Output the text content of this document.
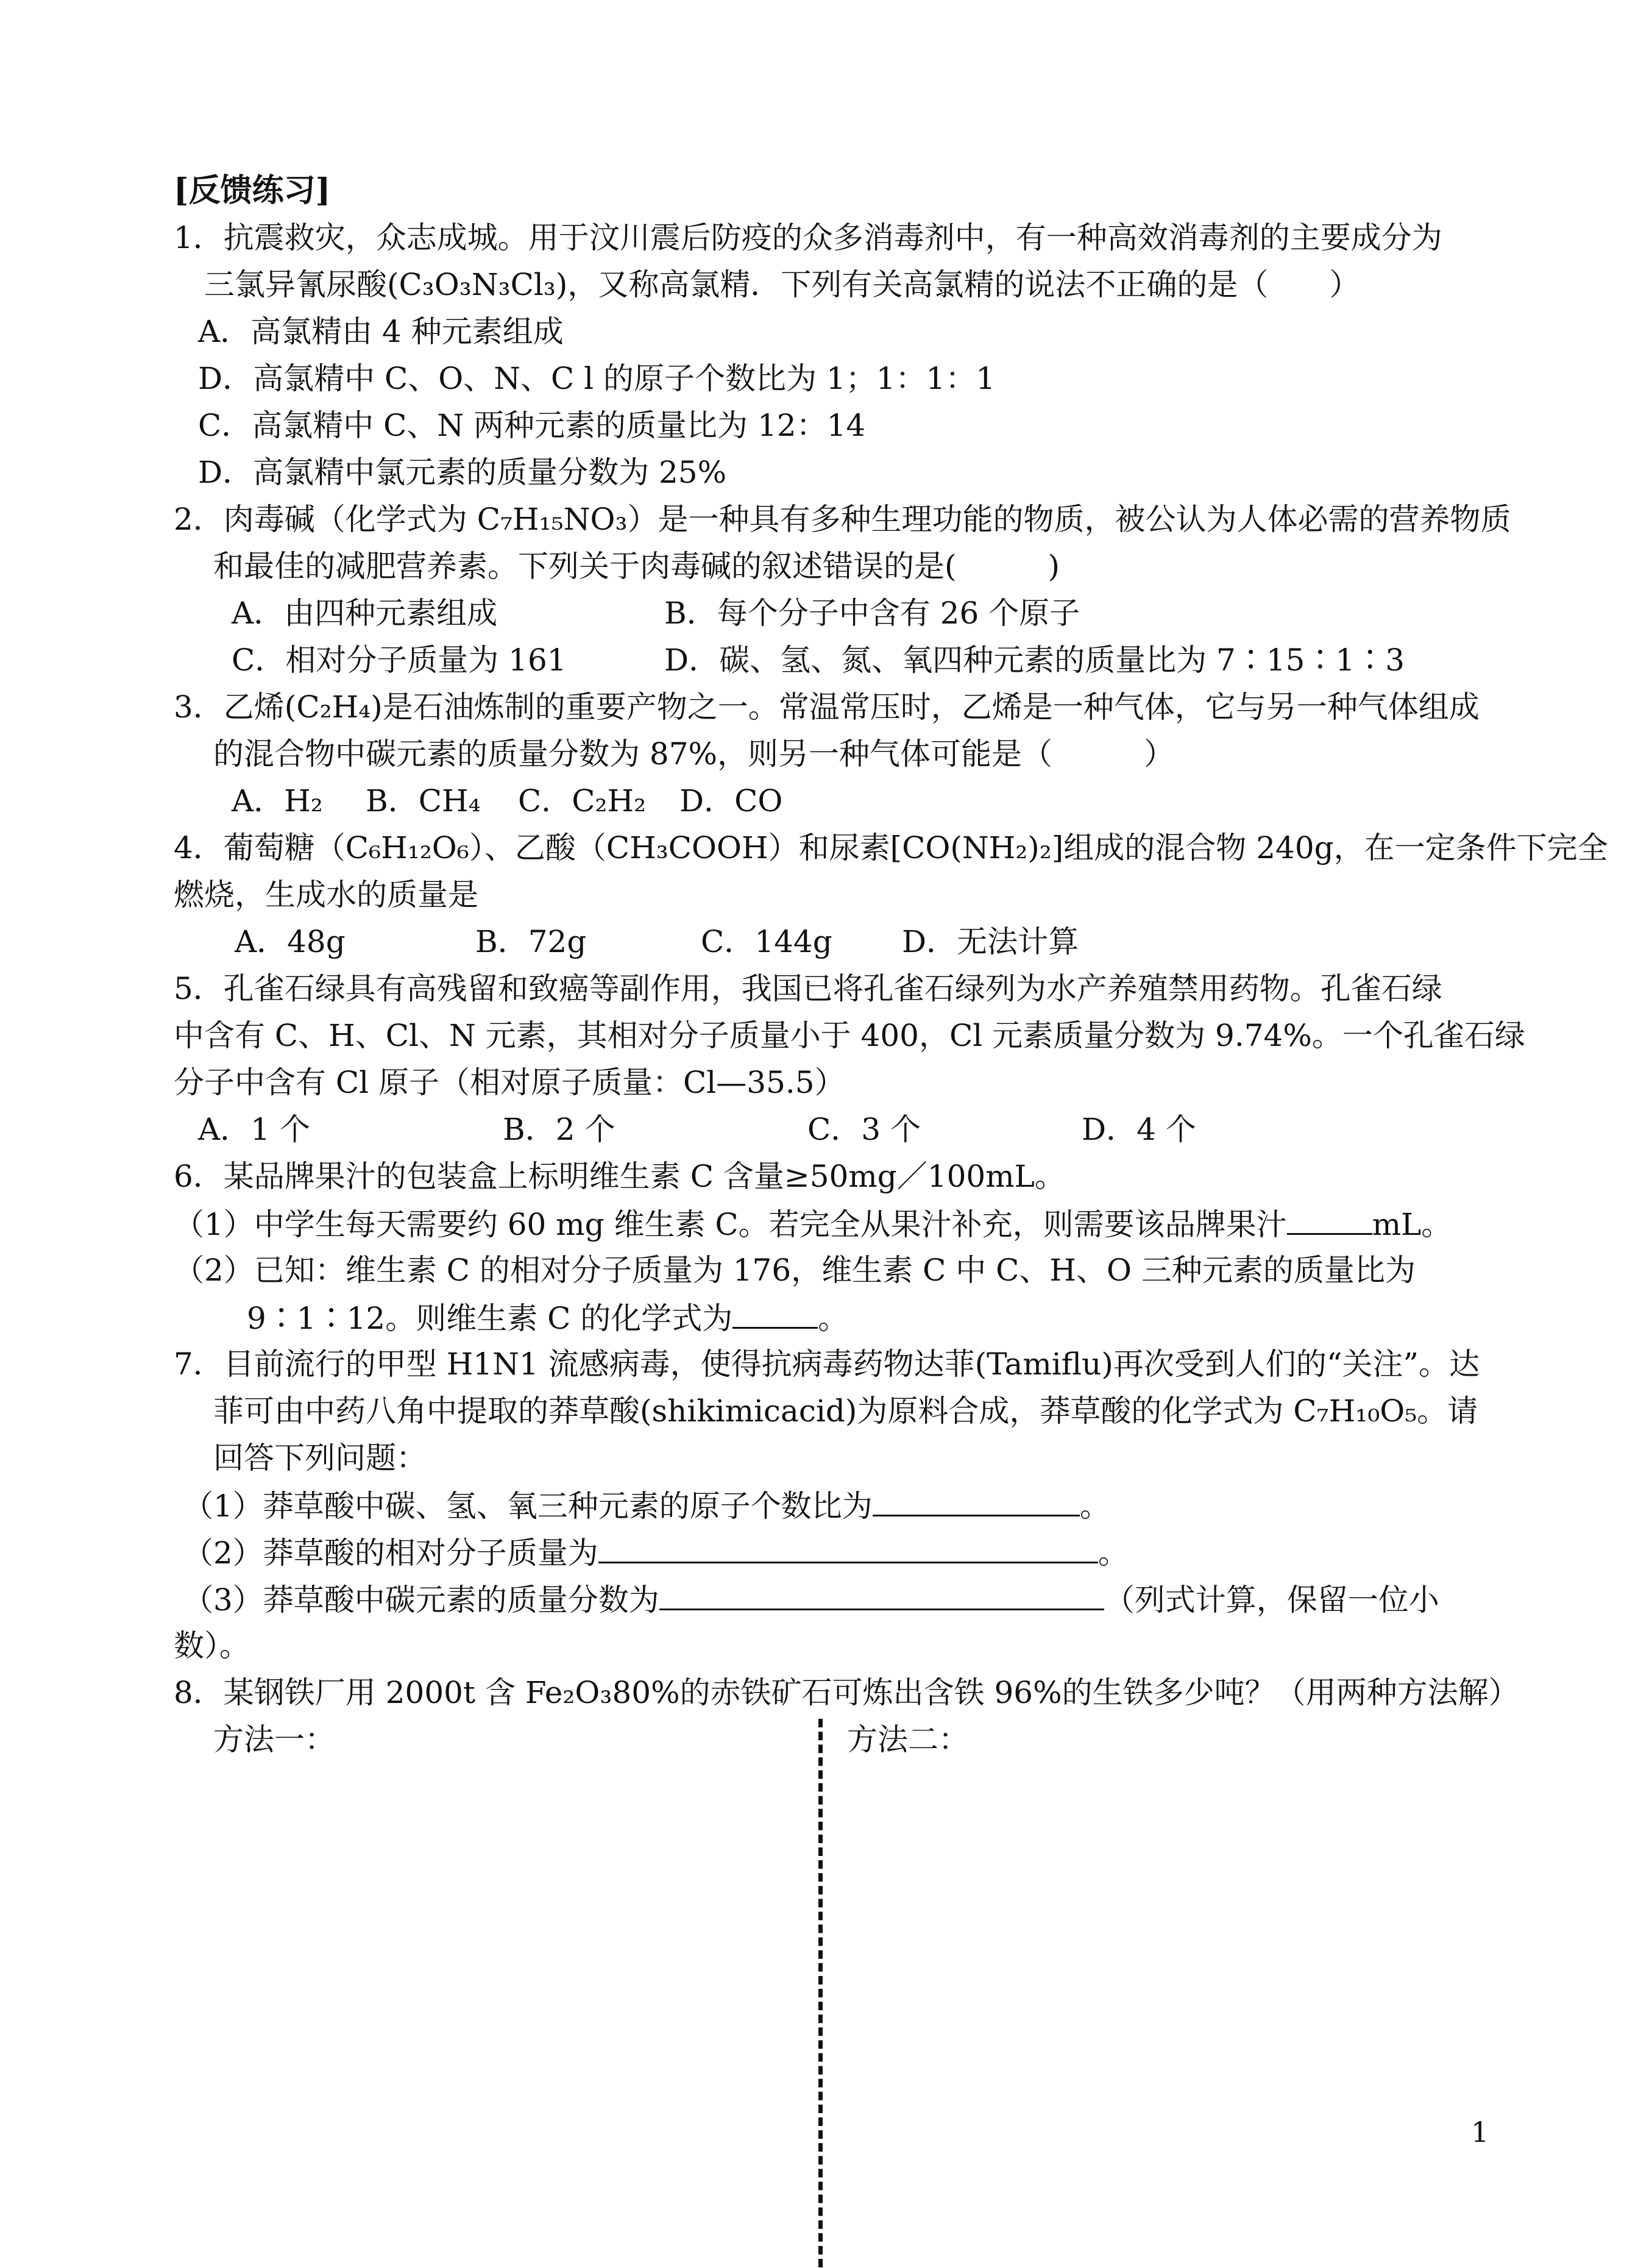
[反馈练习]
1．抗震救灾，众志成城。用于汶川震后防疫的众多消毒剂中，有一种高效消毒剂的主要成分为
三氯异氰尿酸(C₃O₃N₃Cl₃)，又称高氯精．下列有关高氯精的说法不正确的是（　　）
A．高氯精由 4 种元素组成
D．高氯精中 C、O、N、C l 的原子个数比为 1；1：1：1
C．高氯精中 C、N 两种元素的质量比为 12：14
D．高氯精中氯元素的质量分数为 25%
2．肉毒碱（化学式为 C₇H₁₅NO₃）是一种具有多种生理功能的物质，被公认为人体必需的营养物质
和最佳的减肥营养素。下列关于肉毒碱的叙述错误的是(　　　)
A．由四种元素组成	B．每个分子中含有 26 个原子
C．相对分子质量为 161	D．碳、氢、氮、氧四种元素的质量比为 7∶15∶1∶3
3．乙烯(C₂H₄)是石油炼制的重要产物之一。常温常压时，乙烯是一种气体，它与另一种气体组成
的混合物中碳元素的质量分数为 87%，则另一种气体可能是（　　　）
A．H₂ B．CH₄ C．C₂H₂ D．CO
4．葡萄糖（C₆H₁₂O₆）、乙酸（CH₃COOH）和尿素[CO(NH₂)₂]组成的混合物 240g，在一定条件下完全
燃烧，生成水的质量是
A．48g	B．72g	C．144g D．无法计算
5．孔雀石绿具有高残留和致癌等副作用，我国已将孔雀石绿列为水产养殖禁用药物。孔雀石绿
中含有 C、H、Cl、N 元素，其相对分子质量小于 400，Cl 元素质量分数为 9.74%。一个孔雀石绿
分子中含有 Cl 原子（相对原子质量：Cl—35.5）
A．1 个	B．2 个	C．3 个	D．4 个
6．某品牌果汁的包装盒上标明维生素 C 含量≥50mg／100mL。
（1）中学生每天需要约 60 mg 维生素 C。若完全从果汁补充，则需要该品牌果汁	mL。
（2）已知：维生素 C 的相对分子质量为 176，维生素 C 中 C、H、O 三种元素的质量比为
9∶1∶12。则维生素 C 的化学式为	。
7．目前流行的甲型 H1N1 流感病毒，使得抗病毒药物达菲(Tamiflu)再次受到人们的“关注”。达
菲可由中药八角中提取的莽草酸(shikimicacid)为原料合成，莽草酸的化学式为 C₇H₁₀O₅。请
回答下列问题：
（1）莽草酸中碳、氢、氧三种元素的原子个数比为	。
（2）莽草酸的相对分子质量为	。
（3）莽草酸中碳元素的质量分数为	（列式计算，保留一位小
数）。
8．某钢铁厂用 2000t 含 Fe₂O₃80%的赤铁矿石可炼出含铁 96%的生铁多少吨？（用两种方法解）
方法一：	方法二：
1
